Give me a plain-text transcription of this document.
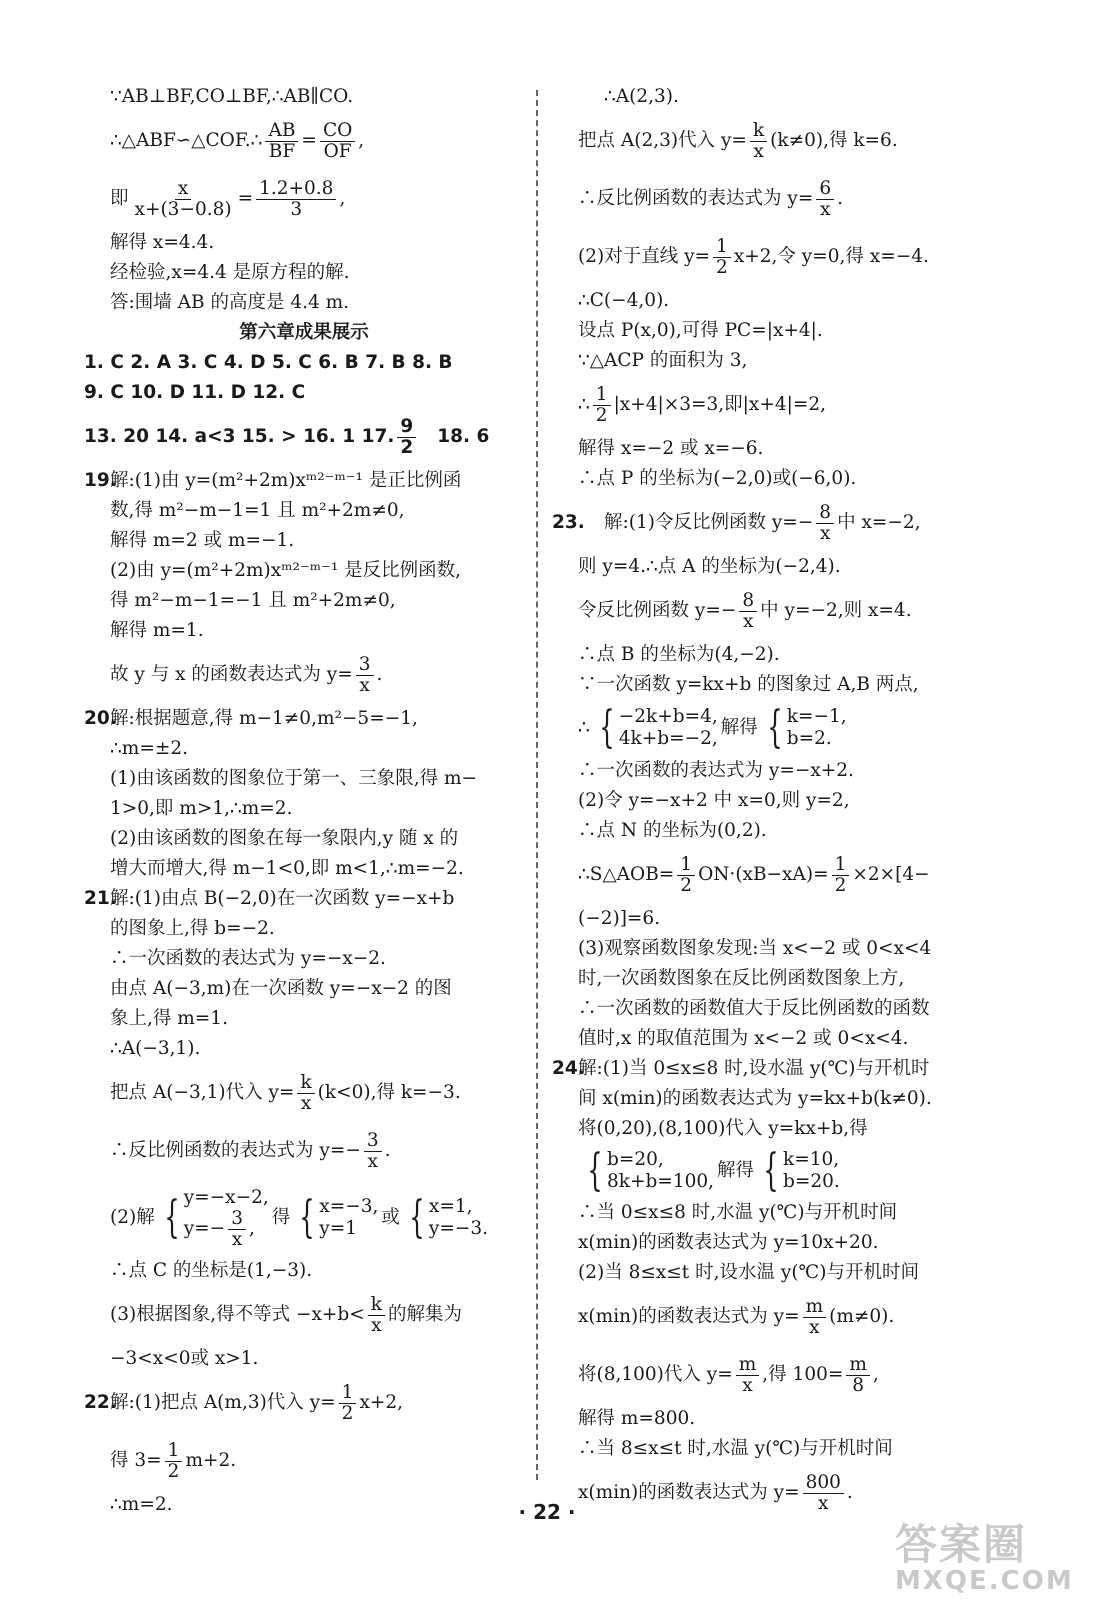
∵AB⊥BF,CO⊥BF,∴AB∥CO.
∴△ABF∽△COF.∴ $\frac{AB}{BF} = \frac{CO}{OF}$ ,
即 $\frac{x}{x+(3-0.8)} = \frac{1.2+0.8}{3}$ ,
解得 x=4.4.
经检验,x=4.4 是原方程的解.
答:围墙 AB 的高度是 4.4 m.
第六章成果展示
1. C 2. A 3. C 4. D 5. C 6. B 7. B 8. B
9. C 10. D 11. D 12. C
13. 20 14. a<3 15. > 16. 1 17. $\frac{9}{2} 18$. 6
19.
解:(1)由 y=(m²+2m)xᵐ²⁻ᵐ⁻¹ 是正比例函
数,得 m²−m−1=1 且 m²+2m≠0,
解得 m=2 或 m=−1.
(2)由 y=(m²+2m)xᵐ²⁻ᵐ⁻¹ 是反比例函数,
得 m²−m−1=−1 且 m²+2m≠0,
解得 m=1.
故 y 与 x 的函数表达式为 $y= \frac{3}{x}$ .
20.
解:根据题意,得 m−1≠0,m²−5=−1,
∴m=±2.
(1)由该函数的图象位于第一、三象限,得 m−
1>0,即 m>1,∴m=2.
(2)由该函数的图象在每一象限内,y 随 x 的
增大而增大,得 m−1<0,即 m<1,∴m=−2.
21.
解:(1)由点 B(−2,0)在一次函数 y=−x+b
的图象上,得 b=−2.
∴一次函数的表达式为 y=−x−2.
由点 A(−3,m)在一次函数 y=−x−2 的图
象上,得 m=1.
∴A(−3,1).
把点 A(−3,1)代入 $y= \frac{k}{x} (k<0)$,得 k=−3.
∴反比例函数的表达式为 $y=- \frac{3}{x}$ .
(2)解 { y=−x−2,
$y=- \frac{3}{x}$ ,
得 { x=−3,
y=1
或 { x=1,
y=−3.
∴点 C 的坐标是(1,−3).
(3)根据图象,得不等式 $-x+b< \frac{k}{x}$ 的解集为
−3<x<0或 x>1.
22.
解:(1)把点 A(m,3)代入 $y= \frac{1}{2} x+2$,
得 $3= \frac{1}{2} m+2$.
∴m=2.
∴A(2,3).
把点 A(2,3)代入 $y= \frac{k}{x} (k\ne 0)$,得 k=6.
∴反比例函数的表达式为 $y= \frac{6}{x}$ .
(2)对于直线 $y= \frac{1}{2} x+2$,令 y=0,得 x=−4.
∴C(−4,0).
设点 P(x,0),可得 PC=|x+4|.
∵△ACP 的面积为 3,
∴ $\frac{1}{2} |x+4|\times 3=3$,即|x+4|=2,
解得 x=−2 或 x=−6.
∴点 P 的坐标为(−2,0)或(−6,0).
23. 解:(1)令反比例函数 $y=- \frac{8}{x}$ 中 x=−2,
则 y=4.∴点 A 的坐标为(−2,4).
令反比例函数 $y=- \frac{8}{x}$ 中 y=−2,则 x=4.
∴点 B 的坐标为(4,−2).
∵一次函数 y=kx+b 的图象过 A,B 两点,
∴ { −2k+b=4,
4k+b=−2,
解得 { k=−1,
b=2.
∴一次函数的表达式为 y=−x+2.
(2)令 y=−x+2 中 x=0,则 y=2,
∴点 N 的坐标为(0,2).
∴S△AOB= $\frac{1}{2} ON\cdot(xB-xA)= \frac{1}{2} \times 2\times[4-$
(−2)]=6.
(3)观察函数图象发现:当 x<−2 或 0<x<4
时,一次函数图象在反比例函数图象上方,
∴一次函数的函数值大于反比例函数的函数
值时,x 的取值范围为 x<−2 或 0<x<4.
24.
解:(1)当 0≤x≤8 时,设水温 y(℃)与开机时
间 x(min)的函数表达式为 y=kx+b(k≠0).
将(0,20),(8,100)代入 y=kx+b,得
{ b=20,
8k+b=100,
解得 { k=10,
b=20.
∴当 0≤x≤8 时,水温 y(℃)与开机时间
x(min)的函数表达式为 y=10x+20.
(2)当 8≤x≤t 时,设水温 y(℃)与开机时间
x(min)的函数表达式为 $y= \frac{m}{x} (m\ne 0)$.
将(8,100)代入 $y= \frac{m}{x}$ ,得 $100= \frac{m}{8}$ ,
解得 m=800.
∴当 8≤x≤t 时,水温 y(℃)与开机时间
x(min)的函数表达式为 $y= \frac{800}{x}$ .
· 22 ·
答案圈
MXQE.COM
